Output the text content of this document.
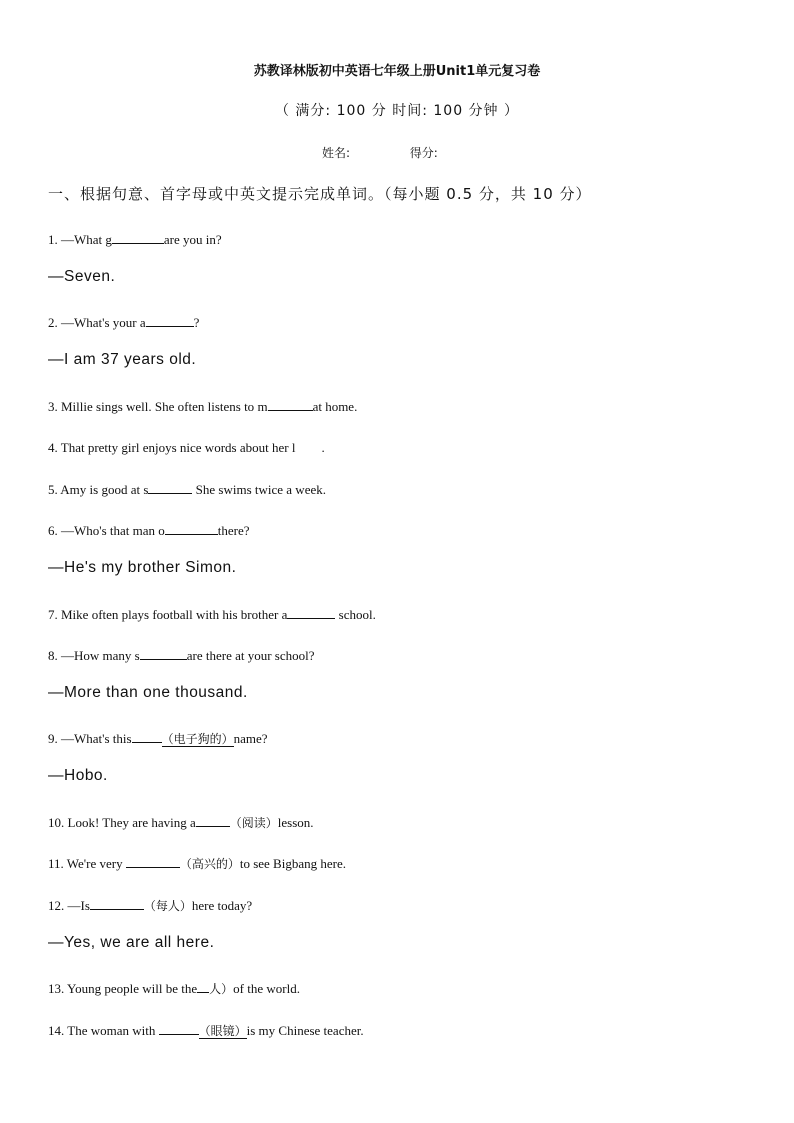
苏教译林版初中英语七年级上册Unit1单元复习卷
（ 满分: 100 分 时间: 100 分钟 ）
姓名:	得分:
一、根据句意、首字母或中英文提示完成单词。（每小题 0.5 分，共 10 分）
1. —What g	are you in?
—Seven.
2. —What's your a	?
—I am 37 years old.
3. Millie sings well. She often listens to m	at home.
4. That pretty girl enjoys nice words about her l .
5. Amy is good at s	She swims twice a week.
6. —Who's that man o	there?
—He's my brother Simon.
7. Mike often plays football with his brother a	school.
8. —How many s	are there at your school?
—More than one thousand.
9. —What's this	（电子狗的）name?
—Hobo.
10. Look! They are having a	（阅读）lesson.
11. We're very	（高兴的）to see Bigbang here.
12. —Is	（每人）here today?
—Yes, we are all here.
13. Young people will be the 人）of the world.
14. The woman with	（眼镜）is my Chinese teacher.
